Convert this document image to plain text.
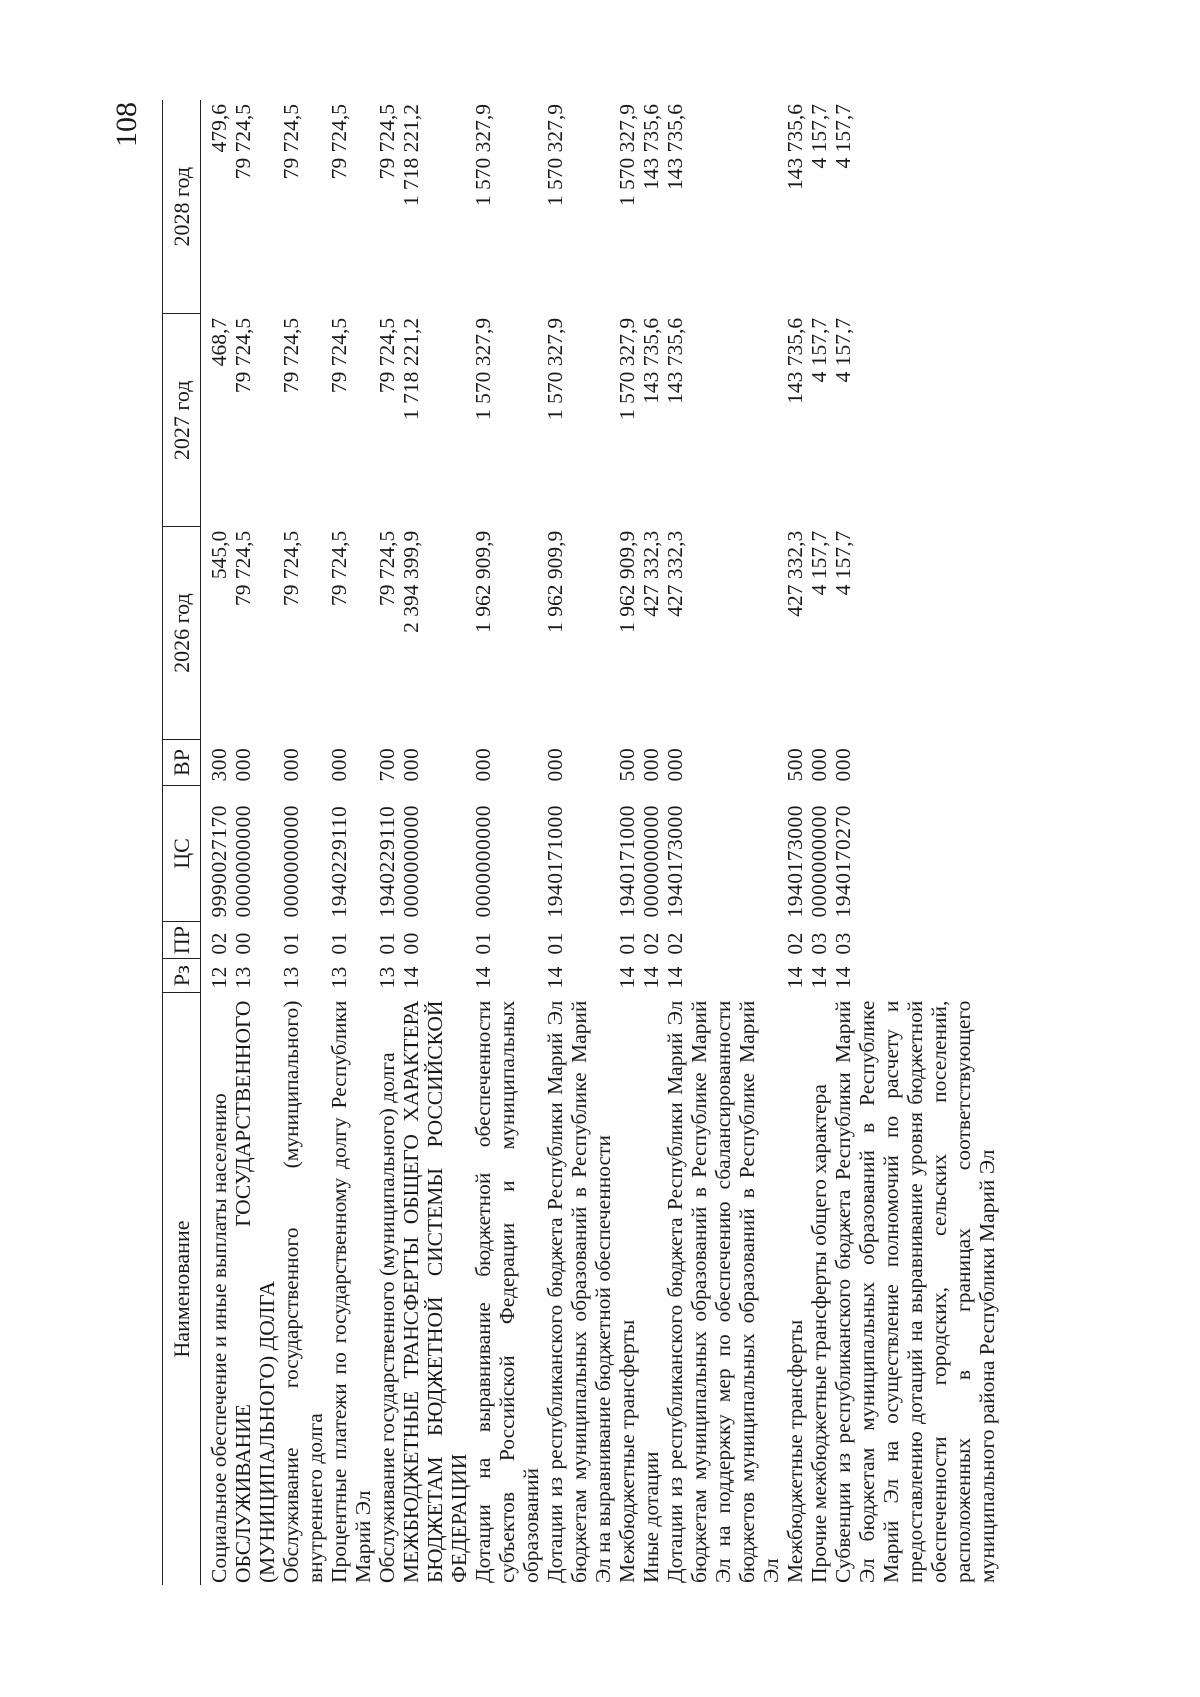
108
Наименование	Рз	ПР	ЦС	ВР	2026 год	2027 год	2028 год
Социальное обеспечение и иные выплаты населению	12	02	9990027170	300	545,0	468,7	479,6
ОБСЛУЖИВАНИЕ ГОСУДАРСТВЕННОГО (МУНИЦИПАЛЬНОГО) ДОЛГА	13	00	0000000000	000	79 724,5	79 724,5	79 724,5
Обслуживание государственного (муниципального) внутреннего долга	13	01	0000000000	000	79 724,5	79 724,5	79 724,5
Процентные платежи по государственному долгу Республики Марий Эл	13	01	1940229110	000	79 724,5	79 724,5	79 724,5
Обслуживание государственного (муниципального) долга	13	01	1940229110	700	79 724,5	79 724,5	79 724,5
МЕЖБЮДЖЕТНЫЕ ТРАНСФЕРТЫ ОБЩЕГО ХАРАКТЕРА БЮДЖЕТАМ БЮДЖЕТНОЙ СИСТЕМЫ РОССИЙСКОЙ ФЕДЕРАЦИИ	14	00	0000000000	000	2 394 399,9	1 718 221,2	1 718 221,2
Дотации на выравнивание бюджетной обеспеченности субъектов Российской Федерации и муниципальных образований	14	01	0000000000	000	1 962 909,9	1 570 327,9	1 570 327,9
Дотации из республиканского бюджета Республики Марий Эл бюджетам муниципальных образований в Республике Марий Эл на выравнивание бюджетной обеспеченности	14	01	1940171000	000	1 962 909,9	1 570 327,9	1 570 327,9
Межбюджетные трансферты	14	01	1940171000	500	1 962 909,9	1 570 327,9	1 570 327,9
Иные дотации	14	02	0000000000	000	427 332,3	143 735,6	143 735,6
Дотации из республиканского бюджета Республики Марий Эл бюджетам муниципальных образований в Республике Марий Эл на поддержку мер по обеспечению сбалансированности бюджетов муниципальных образований в Республике Марий Эл	14	02	1940173000	000	427 332,3	143 735,6	143 735,6
Межбюджетные трансферты	14	02	1940173000	500	427 332,3	143 735,6	143 735,6
Прочие межбюджетные трансферты общего характера	14	03	0000000000	000	4 157,7	4 157,7	4 157,7
Субвенции из республиканского бюджета Республики Марий Эл бюджетам муниципальных образований в Республике Марий Эл на осуществление полномочий по расчету и предоставлению дотаций на выравнивание уровня бюджетной обеспеченности городских, сельских поселений, расположенных в границах соответствующего муниципального района Республики Марий Эл	14	03	1940170270	000	4 157,7	4 157,7	4 157,7
